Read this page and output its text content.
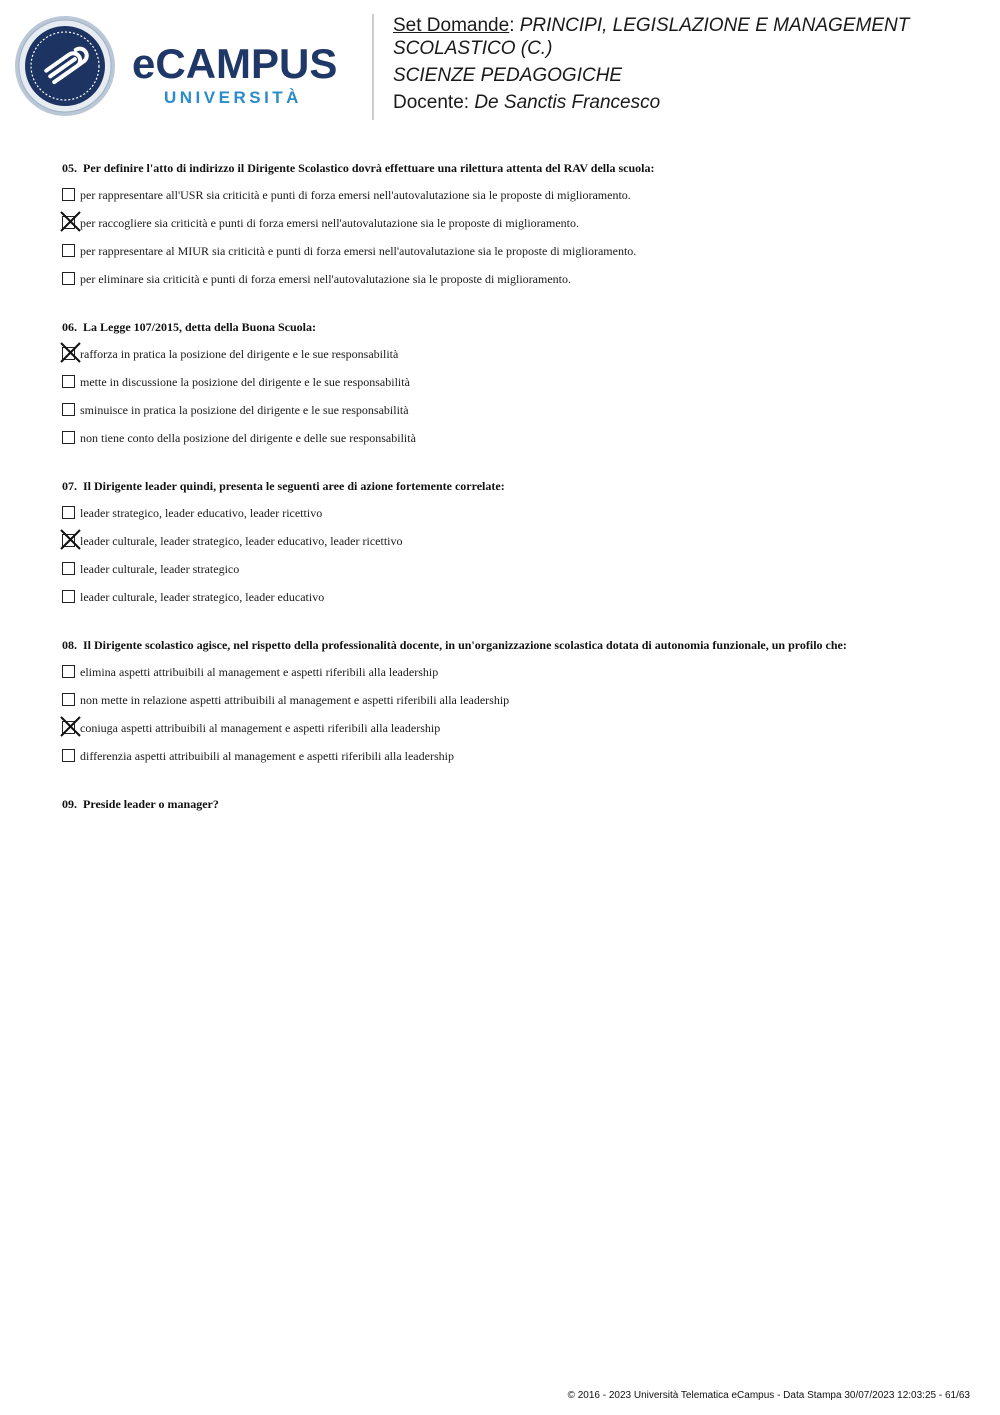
eCAMPUS
UNIVERSITÀ
Set Domande: PRINCIPI, LEGISLAZIONE E MANAGEMENT
SCOLASTICO (C.)
SCIENZE PEDAGOGICHE
Docente: De Sanctis Francesco
05. Per definire l'atto di indirizzo il Dirigente Scolastico dovrà effettuare una rilettura attenta del RAV della scuola:
per rappresentare all'USR sia criticità e punti di forza emersi nell'autovalutazione sia le proposte di miglioramento.
per raccogliere sia criticità e punti di forza emersi nell'autovalutazione sia le proposte di miglioramento.
per rappresentare al MIUR sia criticità e punti di forza emersi nell'autovalutazione sia le proposte di miglioramento.
per eliminare sia criticità e punti di forza emersi nell'autovalutazione sia le proposte di miglioramento.
06. La Legge 107/2015, detta della Buona Scuola:
rafforza in pratica la posizione del dirigente e le sue responsabilità
mette in discussione la posizione del dirigente e le sue responsabilità
sminuisce in pratica la posizione del dirigente e le sue responsabilità
non tiene conto della posizione del dirigente e delle sue responsabilità
07. Il Dirigente leader quindi, presenta le seguenti aree di azione fortemente correlate:
leader strategico, leader educativo, leader ricettivo
leader culturale, leader strategico, leader educativo, leader ricettivo
leader culturale, leader strategico
leader culturale, leader strategico, leader educativo
08. Il Dirigente scolastico agisce, nel rispetto della professionalità docente, in un'organizzazione scolastica dotata di autonomia funzionale, un profilo che:
elimina aspetti attribuibili al management e aspetti riferibili alla leadership
non mette in relazione aspetti attribuibili al management e aspetti riferibili alla leadership
coniuga aspetti attribuibili al management e aspetti riferibili alla leadership
differenzia aspetti attribuibili al management e aspetti riferibili alla leadership
09. Preside leader o manager?
© 2016 - 2023 Università Telematica eCampus - Data Stampa 30/07/2023 12:03:25 - 61/63
